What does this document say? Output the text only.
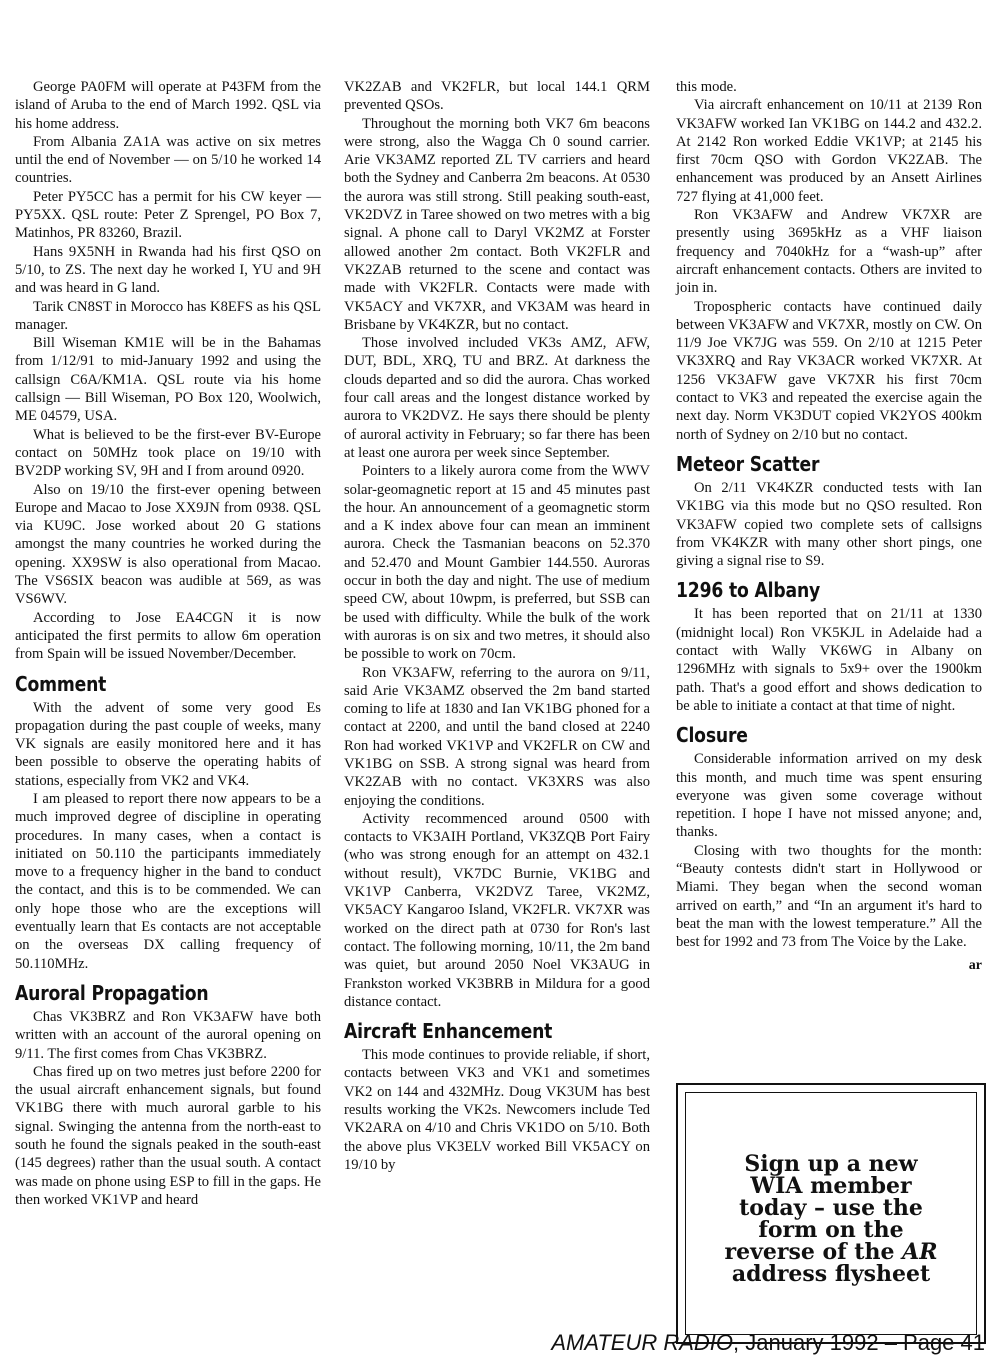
George PA0FM will operate at P43FM from the island of Aruba to the end of March 1992. QSL via his home address.

From Albania ZA1A was active on six metres until the end of November — on 5/10 he worked 14 countries.

Peter PY5CC has a permit for his CW keyer — PY5XX. QSL route: Peter Z Sprengel, PO Box 7, Matinhos, PR 83260, Brazil.

Hans 9X5NH in Rwanda had his first QSO on 5/10, to ZS. The next day he worked I, YU and 9H and was heard in G land.

Tarik CN8ST in Morocco has K8EFS as his QSL manager.

Bill Wiseman KM1E will be in the Bahamas from 1/12/91 to mid-January 1992 and using the callsign C6A/KM1A. QSL route via his home callsign — Bill Wiseman, PO Box 120, Woolwich, ME 04579, USA.

What is believed to be the first-ever BV-Europe contact on 50MHz took place on 19/10 with BV2DP working SV, 9H and I from around 0920.

Also on 19/10 the first-ever opening between Europe and Macao to Jose XX9JN from 0938. QSL via KU9C. Jose worked about 20 G stations amongst the many countries he worked during the opening. XX9SW is also operational from Macao. The VS6SIX beacon was audible at 569, as was VS6WV.

According to Jose EA4CGN it is now anticipated the first permits to allow 6m operation from Spain will be issued November/December.

Comment

With the advent of some very good Es propagation during the past couple of weeks, many VK signals are easily monitored here and it has been possible to observe the operating habits of stations, especially from VK2 and VK4.

I am pleased to report there now appears to be a much improved degree of discipline in operating procedures. In many cases, when a contact is initiated on 50.110 the participants immediately move to a frequency higher in the band to conduct the contact, and this is to be commended. We can only hope those who are the exceptions will eventually learn that Es contacts are not acceptable on the overseas DX calling frequency of 50.110MHz.

Auroral Propagation

Chas VK3BRZ and Ron VK3AFW have both written with an account of the auroral opening on 9/11. The first comes from Chas VK3BRZ.

Chas fired up on two metres just before 2200 for the usual aircraft enhancement signals, but found VK1BG there with much auroral garble to his signal. Swinging the antenna from the north-east to south he found the signals peaked in the south-east (145 degrees) rather than the usual south. A contact was made on phone using ESP to fill in the gaps. He then worked VK1VP and heard

VK2ZAB and VK2FLR, but local 144.1 QRM prevented QSOs.

Throughout the morning both VK7 6m beacons were strong, also the Wagga Ch 0 sound carrier. Arie VK3AMZ reported ZL TV carriers and heard both the Sydney and Canberra 2m beacons. At 0530 the aurora was still strong. Still peaking south-east, VK2DVZ in Taree showed on two metres with a big signal. A phone call to Daryl VK2MZ at Forster allowed another 2m contact. Both VK2FLR and VK2ZAB returned to the scene and contact was made with VK2FLR. Contacts were made with VK5ACY and VK7XR, and VK3AM was heard in Brisbane by VK4KZR, but no contact.

Those involved included VK3s AMZ, AFW, DUT, BDL, XRQ, TU and BRZ. At darkness the clouds departed and so did the aurora. Chas worked four call areas and the longest distance worked by aurora to VK2DVZ. He says there should be plenty of auroral activity in February; so far there has been at least one aurora per week since September.

Pointers to a likely aurora come from the WWV solar-geomagnetic report at 15 and 45 minutes past the hour. An announcement of a geomagnetic storm and a K index above four can mean an imminent aurora. Check the Tasmanian beacons on 52.370 and 52.470 and Mount Gambier 144.550. Auroras occur in both the day and night. The use of medium speed CW, about 10wpm, is preferred, but SSB can be used with difficulty. While the bulk of the work with auroras is on six and two metres, it should also be possible to work on 70cm.

Ron VK3AFW, referring to the aurora on 9/11, said Arie VK3AMZ observed the 2m band started coming to life at 1830 and Ian VK1BG phoned for a contact at 2200, and until the band closed at 2240 Ron had worked VK1VP and VK2FLR on CW and VK1BG on SSB. A strong signal was heard from VK2ZAB with no contact. VK3XRS was also enjoying the conditions.

Activity recommenced around 0500 with contacts to VK3AIH Portland, VK3ZQB Port Fairy (who was strong enough for an attempt on 432.1 without result), VK7DC Burnie, VK1BG and VK1VP Canberra, VK2DVZ Taree, VK2MZ, VK5ACY Kangaroo Island, VK2FLR. VK7XR was worked on the direct path at 0730 for Ron's last contact. The following morning, 10/11, the 2m band was quiet, but around 2050 Noel VK3AUG in Frankston worked VK3BRB in Mildura for a good distance contact.

Aircraft Enhancement

This mode continues to provide reliable, if short, contacts between VK3 and VK1 and sometimes VK2 on 144 and 432MHz. Doug VK3UM has best results working the VK2s. Newcomers include Ted VK2ARA on 4/10 and Chris VK1DO on 5/10. Both the above plus VK3ELV worked Bill VK5ACY on 19/10 by

this mode.

Via aircraft enhancement on 10/11 at 2139 Ron VK3AFW worked Ian VK1BG on 144.2 and 432.2. At 2142 Ron worked Eddie VK1VP; at 2145 his first 70cm QSO with Gordon VK2ZAB. The enhancement was produced by an Ansett Airlines 727 flying at 41,000 feet.

Ron VK3AFW and Andrew VK7XR are presently using 3695kHz as a VHF liaison frequency and 7040kHz for a “wash-up” after aircraft enhancement contacts. Others are invited to join in.

Tropospheric contacts have continued daily between VK3AFW and VK7XR, mostly on CW. On 11/9 Joe VK7JG was 559. On 2/10 at 1215 Peter VK3XRQ and Ray VK3ACR worked VK7XR. At 1256 VK3AFW gave VK7XR his first 70cm contact to VK3 and repeated the exercise again the next day. Norm VK3DUT copied VK2YOS 400km north of Sydney on 2/10 but no contact.

Meteor Scatter

On 2/11 VK4KZR conducted tests with Ian VK1BG via this mode but no QSO resulted. Ron VK3AFW copied two complete sets of callsigns from VK4KZR with many other short pings, one giving a signal rise to S9.

1296 to Albany

It has been reported that on 21/11 at 1330 (midnight local) Ron VK5KJL in Adelaide had a contact with Wally VK6WG in Albany on 1296MHz with signals to 5x9+ over the 1900km path. That's a good effort and shows dedication to be able to initiate a contact at that time of night.

Closure

Considerable information arrived on my desk this month, and much time was spent ensuring everyone was given some coverage without repetition. I hope I have not missed anyone; and, thanks.

Closing with two thoughts for the month: “Beauty contests didn't start in Hollywood or Miami. They began when the second woman arrived on earth,” and “In an argument it's hard to beat the man with the lowest temperature.” All the best for 1992 and 73 from The Voice by the Lake.

ar
Sign up a new
WIA member
today – use the
form on the
reverse of the AR
address flysheet
AMATEUR RADIO, January 1992 – Page 41
